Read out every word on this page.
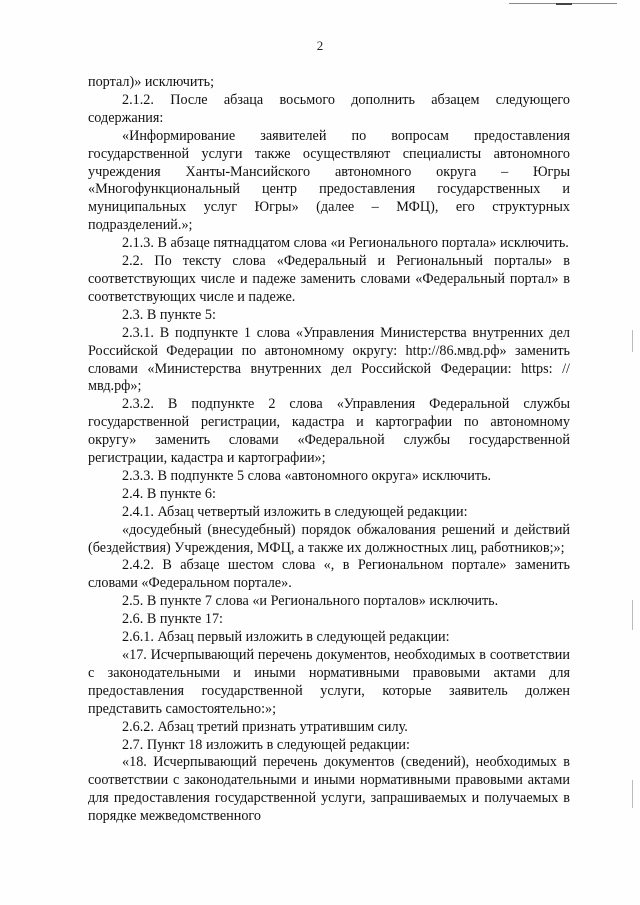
2

портал)» исключить;

2.1.2. После абзаца восьмого дополнить абзацем следующего содержания:

«Информирование заявителей по вопросам предоставления государственной услуги также осуществляют специалисты автономного учреждения Ханты-Мансийского автономного округа – Югры «Многофункциональный центр предоставления государственных и муниципальных услуг Югры» (далее – МФЦ), его структурных подразделений.»;

2.1.3. В абзаце пятнадцатом слова «и Регионального портала» исключить.

2.2. По тексту слова «Федеральный и Региональный порталы» в соответствующих числе и падеже заменить словами «Федеральный портал» в соответствующих числе и падеже.

2.3. В пункте 5:

2.3.1. В подпункте 1 слова «Управления Министерства внутренних дел Российской Федерации по автономному округу: http://86.мвд.рф» заменить словами «Министерства внутренних дел Российской Федерации: https: //мвд.рф»;

2.3.2. В подпункте 2 слова «Управления Федеральной службы государственной регистрации, кадастра и картографии по автономному округу» заменить словами «Федеральной службы государственной регистрации, кадастра и картографии»;

2.3.3. В подпункте 5 слова «автономного округа» исключить.

2.4. В пункте 6:

2.4.1. Абзац четвертый изложить в следующей редакции:

«досудебный (внесудебный) порядок обжалования решений и действий (бездействия) Учреждения, МФЦ, а также их должностных лиц, работников;»;

2.4.2. В абзаце шестом слова «, в Региональном портале» заменить словами «Федеральном портале».

2.5. В пункте 7 слова «и Регионального порталов» исключить.

2.6. В пункте 17:

2.6.1. Абзац первый изложить в следующей редакции:

«17. Исчерпывающий перечень документов, необходимых в соответствии с законодательными и иными нормативными правовыми актами для предоставления государственной услуги, которые заявитель должен представить самостоятельно:»;

2.6.2. Абзац третий признать утратившим силу.

2.7. Пункт 18 изложить в следующей редакции:

«18. Исчерпывающий перечень документов (сведений), необходимых в соответствии с законодательными и иными нормативными правовыми актами для предоставления государственной услуги, запрашиваемых и получаемых в порядке межведомственного
